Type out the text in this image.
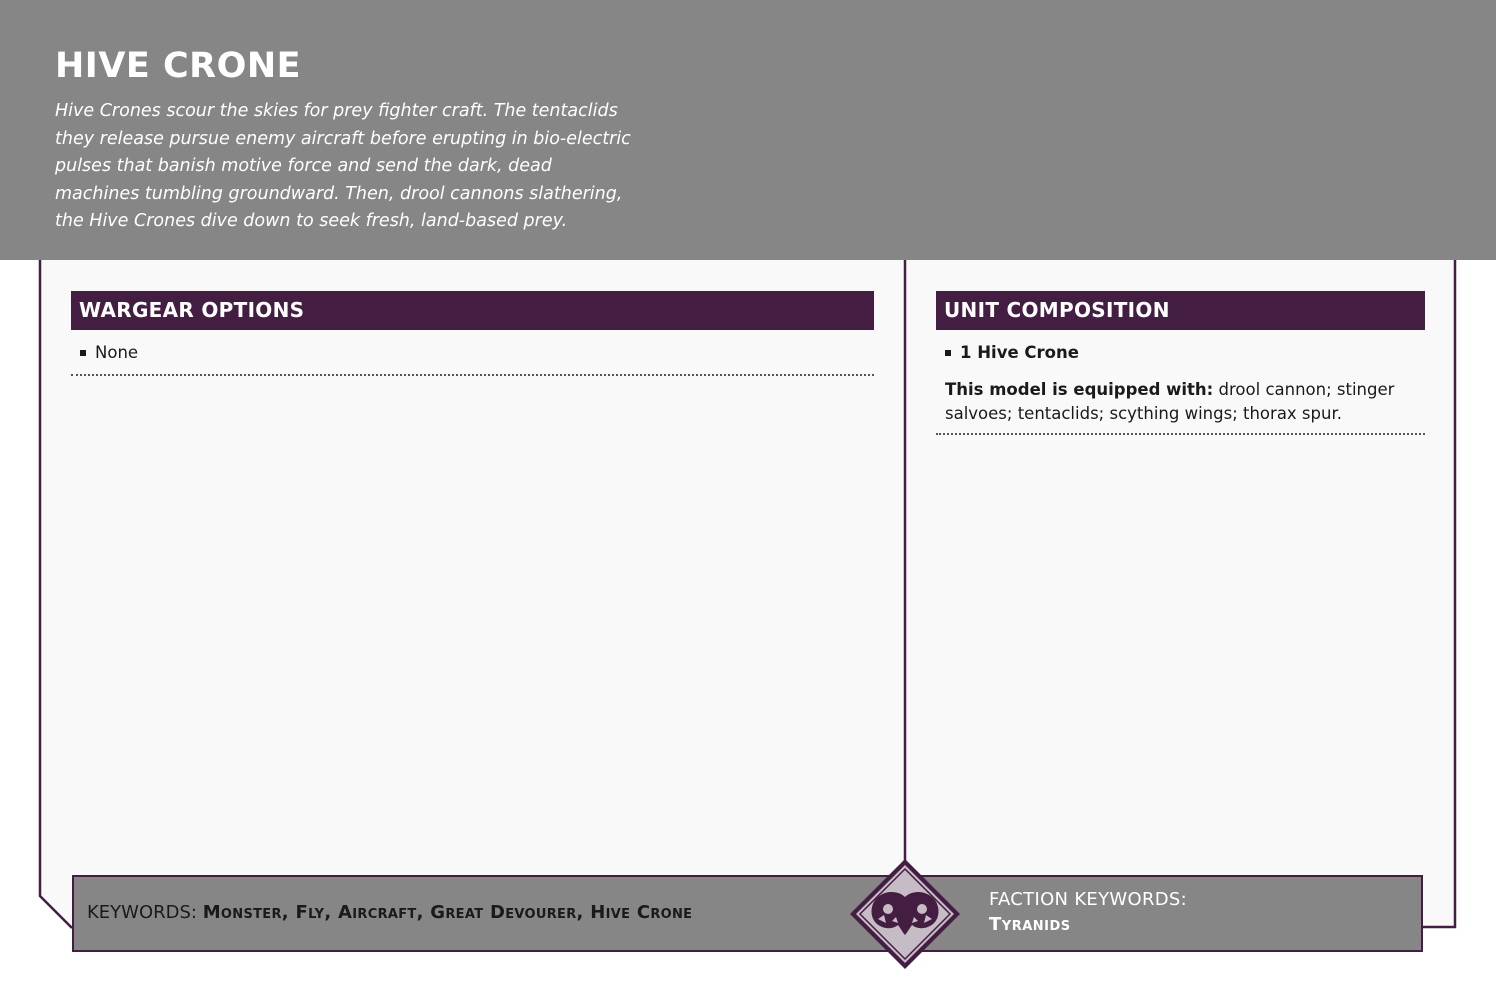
HIVE CRONE
Hive Crones scour the skies for prey fighter craft. The tentaclids they release pursue enemy aircraft before erupting in bio-electric pulses that banish motive force and send the dark, dead machines tumbling groundward. Then, drool cannons slathering, the Hive Crones dive down to seek fresh, land-based prey.
WARGEAR OPTIONS
None
UNIT COMPOSITION
1 Hive Crone
This model is equipped with: drool cannon; stinger salvoes; tentaclids; scything wings; thorax spur.
KEYWORDS: Monster, Fly, Aircraft, Great Devourer, Hive Crone
FACTION KEYWORDS:
Tyranids
